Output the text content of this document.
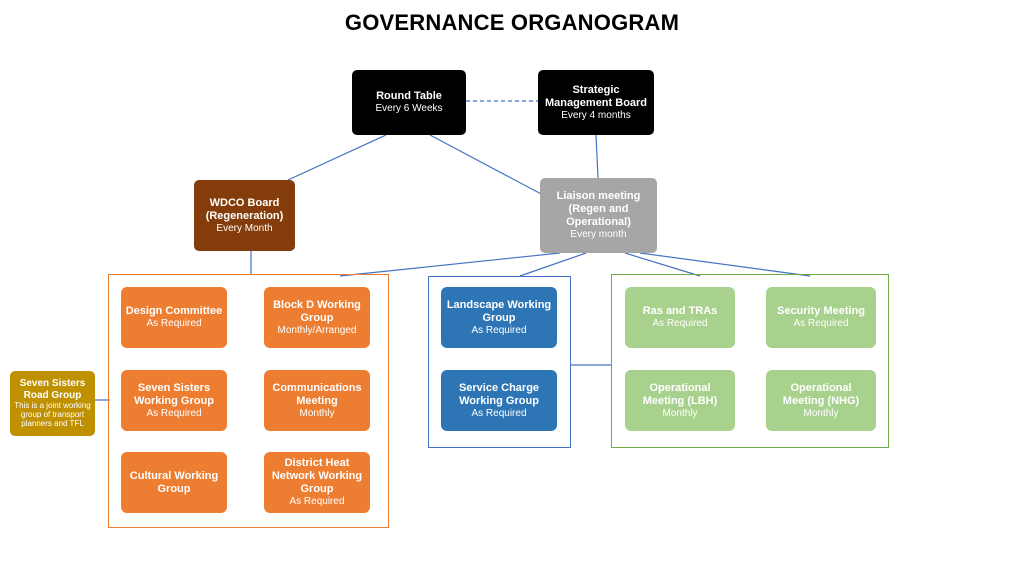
GOVERNANCE ORGANOGRAM
Round Table
Every 6 Weeks
Strategic Management Board
Every 4 months
WDCO Board (Regeneration)
Every Month
Liaison meeting (Regen and Operational)
Every month
Design Committee
As Required
Block D Working Group
Monthly/Arranged
Seven Sisters Working Group
As Required
Communications Meeting
Monthly
Cultural Working Group
District Heat Network Working Group
As Required
Landscape Working Group
As Required
Service Charge Working Group
As Required
Ras and TRAs
As Required
Security Meeting
As Required
Operational Meeting (LBH)
Monthly
Operational Meeting (NHG)
Monthly
Seven Sisters Road Group
This is a joint working group of transport planners and TFL
